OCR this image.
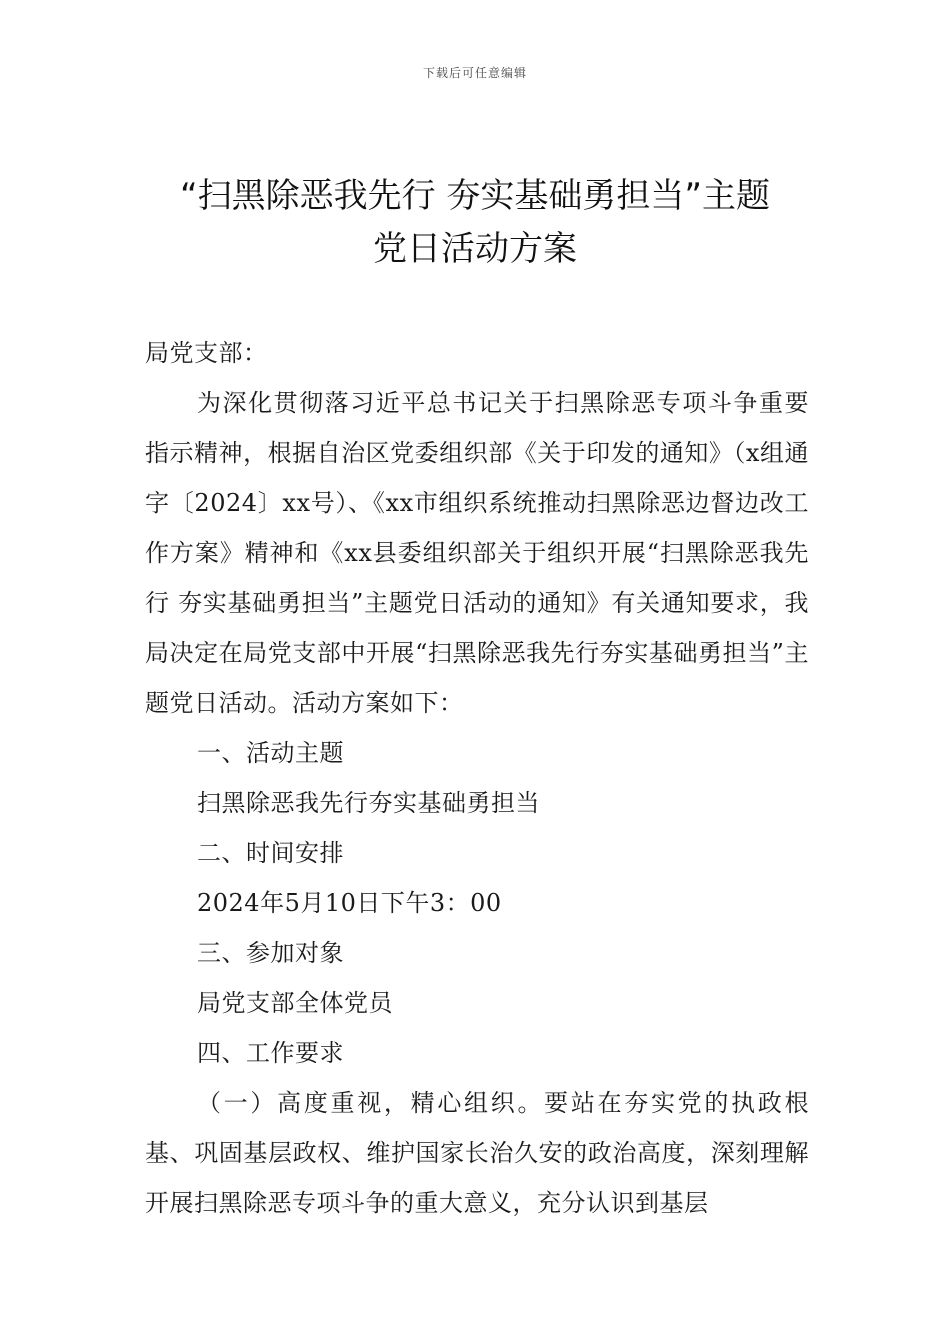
下载后可任意编辑
“扫黑除恶我先行 夯实基础勇担当”主题
党日活动方案

局党支部：

为深化贯彻落习近平总书记关于扫黑除恶专项斗争重要指示精神，根据自治区党委组织部《关于印发的通知》（x组通字〔2024〕xx号）、《xx市组织系统推动扫黑除恶边督边改工作方案》精神和《xx县委组织部关于组织开展“扫黑除恶我先行 夯实基础勇担当”主题党日活动的通知》有关通知要求，我局决定在局党支部中开展“扫黑除恶我先行夯实基础勇担当”主题党日活动。活动方案如下：

一、活动主题

扫黑除恶我先行夯实基础勇担当

二、时间安排

2024年5月10日下午3：00

三、参加对象

局党支部全体党员

四、工作要求

（一）高度重视，精心组织。要站在夯实党的执政根基、巩固基层政权、维护国家长治久安的政治高度，深刻理解开展扫黑除恶专项斗争的重大意义，充分认识到基层
